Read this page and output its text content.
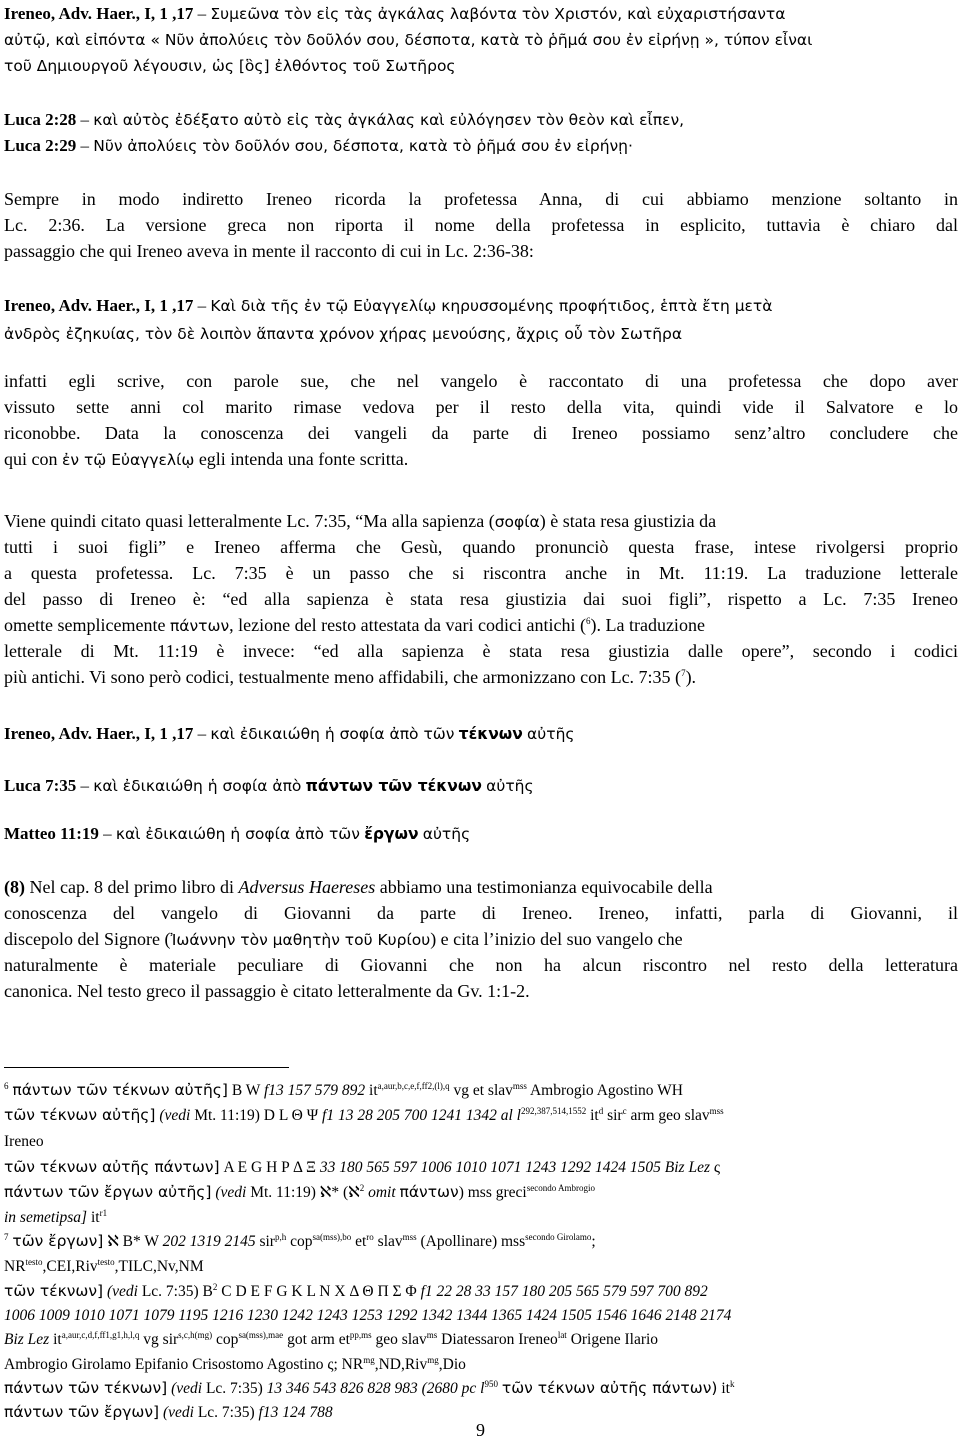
Ireneo, Adv. Haer., I, 1 ,17 – Συμεῶνα τὸν εἰς τὰς ἀγκάλας λαβόντα τὸν Χριστόν, καὶ εὐχαριστήσαντα
αὐτῷ, καὶ εἰπόντα « Νῦν ἀπολύεις τὸν δοῦλόν σου, δέσποτα, κατὰ τὸ ῥῆμά σου ἐν εἰρήνῃ », τύπον εἶναι
τοῦ Δημιουργοῦ λέγουσιν, ὡς [ὃς] ἐλθόντος τοῦ Σωτῆρος
Luca 2:28 – καὶ αὐτὸς ἐδέξατο αὐτὸ εἰς τὰς ἀγκάλας καὶ εὐλόγησεν τὸν θεὸν καὶ εἶπεν,
Luca 2:29 – Νῦν ἀπολύεις τὸν δοῦλόν σου, δέσποτα, κατὰ τὸ ῥῆμά σου ἐν εἰρήνῃ·
Sempre in modo indiretto Ireneo ricorda la profetessa Anna, di cui abbiamo menzione soltanto in
Lc. 2:36. La versione greca non riporta il nome della profetessa in esplicito, tuttavia è chiaro dal
passaggio che qui Ireneo aveva in mente il racconto di cui in Lc. 2:36-38:
Ireneo, Adv. Haer., I, 1 ,17 – Καὶ διὰ τῆς ἐν τῷ Εὐαγγελίῳ κηρυσσομένης προφήτιδος, ἑπτὰ ἔτη μετὰ
ἀνδρὸς ἐζηκυίας, τὸν δὲ λοιπὸν ἅπαντα χρόνον χήρας μενούσης, ἄχρις οὗ τὸν Σωτῆρα
infatti egli scrive, con parole sue, che nel vangelo è raccontato di una profetessa che dopo aver
vissuto sette anni col marito rimase vedova per il resto della vita, quindi vide il Salvatore e lo
riconobbe. Data la conoscenza dei vangeli da parte di Ireneo possiamo senz’altro concludere che
qui con ἐν τῷ Εὐαγγελίῳ egli intenda una fonte scritta.
Viene quindi citato quasi letteralmente Lc. 7:35, “Ma alla sapienza (σοφία) è stata resa giustizia da
tutti i suoi figli” e Ireneo afferma che Gesù, quando pronunciò questa frase, intese rivolgersi proprio
a questa profetessa. Lc. 7:35 è un passo che si riscontra anche in Mt. 11:19. La traduzione letterale
del passo di Ireneo è: “ed alla sapienza è stata resa giustizia dai suoi figli”, rispetto a Lc. 7:35 Ireneo
omette semplicemente πάντων, lezione del resto attestata da vari codici antichi ($^6$). La traduzione
letterale di Mt. 11:19 è invece: “ed alla sapienza è stata resa giustizia dalle opere”, secondo i codici
più antichi. Vi sono però codici, testualmente meno affidabili, che armonizzano con Lc. 7:35 ($^7$).
Ireneo, Adv. Haer., I, 1 ,17 – καὶ ἐδικαιώθη ἡ σοφία ἀπὸ τῶν τέκνων αὐτῆς
Luca 7:35 – καὶ ἐδικαιώθη ἡ σοφία ἀπὸ πάντων τῶν τέκνων αὐτῆς
Matteo 11:19 – καὶ ἐδικαιώθη ἡ σοφία ἀπὸ τῶν ἔργων αὐτῆς
(8) Nel cap. 8 del primo libro di Adversus Haereses abbiamo una testimonianza equivocabile della
conoscenza del vangelo di Giovanni da parte di Ireneo. Ireneo, infatti, parla di Giovanni, il
discepolo del Signore (Ἰωάννην τὸν μαθητὴν τοῦ Κυρίου) e cita l’inizio del suo vangelo che
naturalmente è materiale peculiare di Giovanni che non ha alcun riscontro nel resto della letteratura
canonica. Nel testo greco il passaggio è citato letteralmente da Gv. 1:1-2.
$^6$ πάντων τῶν τέκνων αὐτῆς] B W f13 157 579 892 $it^{a,aur,b,c,e,f,ff2,(l),q}$ vg et slav$^{mss}$ Ambrogio Agostino WH
τῶν τέκνων αὐτῆς] (vedi Mt. 11:19) D L Θ Ψ f1 13 28 205 700 1241 1342 al $l^{292,387,514,1552}$ $it^d$ sir$^c$ arm geo slav$^{mss}$
Ireneo
τῶν τέκνων αὐτῆς πάντων] A E G H P Δ Ξ 33 180 565 597 1006 1010 1071 1243 1292 1424 1505 Biz Lez ς
πάντων τῶν ἔργων αὐτῆς] (vedi Mt. 11:19) ℵ* (ℵ$^2$ omit πάντων) mss greci$^{secondo Ambrogio}$
in semetipsa] $it^{r1}$
$^7$ τῶν ἔργων] ℵ B* W 202 1319 2145 sir$^{p,h}$ cop$^{sa(mss),bo}$ $et^{ro}$ slav$^{mss}$ (Apollinare) mss$^{secondo Girolamo}$;
$NR^{testo},CEI,Riv^{testo},TILC,Nv,NM$
τῶν τέκνων] (vedi Lc. 7:35) $B^2$ C D E F G K L N X Δ Θ Π Σ Φ f1 22 28 33 157 180 205 565 579 597 700 892
1006 1009 1010 1071 1079 1195 1216 1230 1242 1243 1253 1292 1342 1344 1365 1424 1505 1546 1646 2148 2174
Biz Lez $it^{a,aur,c,d,f,ff1,g1,h,l,q}$ vg sir$^{s,c,h(mg)}$ cop$^{sa(mss),mae}$ got arm $et^{pp,ms}$ geo slav$^{ms}$ Diatessaron Ireneo$^{lat}$ Origene Ilario
Ambrogio Girolamo Epifanio Crisostomo Agostino ς; $NR^{mg},ND,Riv^{mg},Dio$
πάντων τῶν τέκνων] (vedi Lc. 7:35) 13 346 543 826 828 983 (2680 pc $l^{950}$ τῶν τέκνων αὐτῆς πάντων) $it^k$
πάντων τῶν ἔργων] (vedi Lc. 7:35) f13 124 788
9
